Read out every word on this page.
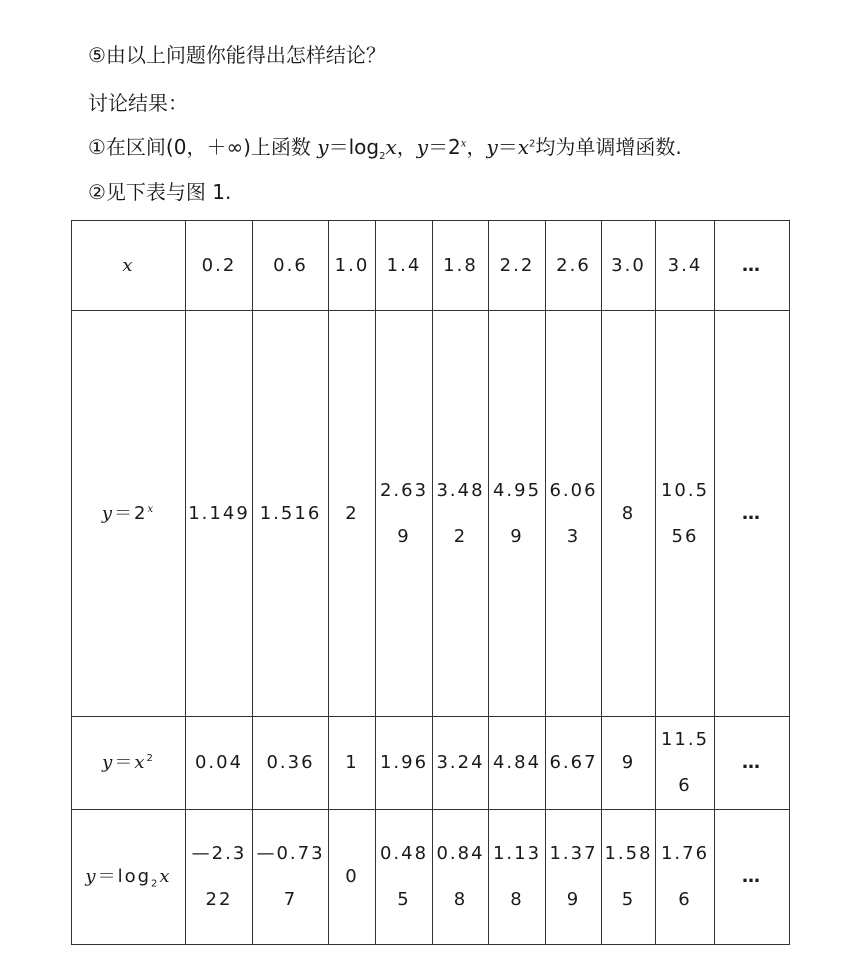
⑤由以上问题你能得出怎样结论？
讨论结果：
①在区间(0，＋∞)上函数 $y=\log_2x$，$y=2^x$，$y=x^2$均为单调增函数.
②见下表与图 1.
x	0.2	0.6	1.0	1.4	1.8	2.2	2.6	3.0	3.4	…
$y=2^x$	1.149	1.516	2	2.639	3.482	4.959	6.063	8	10.556	…
$y=x^2$	0.04	0.36	1	1.96	3.24	4.84	6.67	9	11.56	…
$y=\log_2x$	—2.322	—0.737	0	0.485	0.848	1.138	1.379	1.585	1.766	…
